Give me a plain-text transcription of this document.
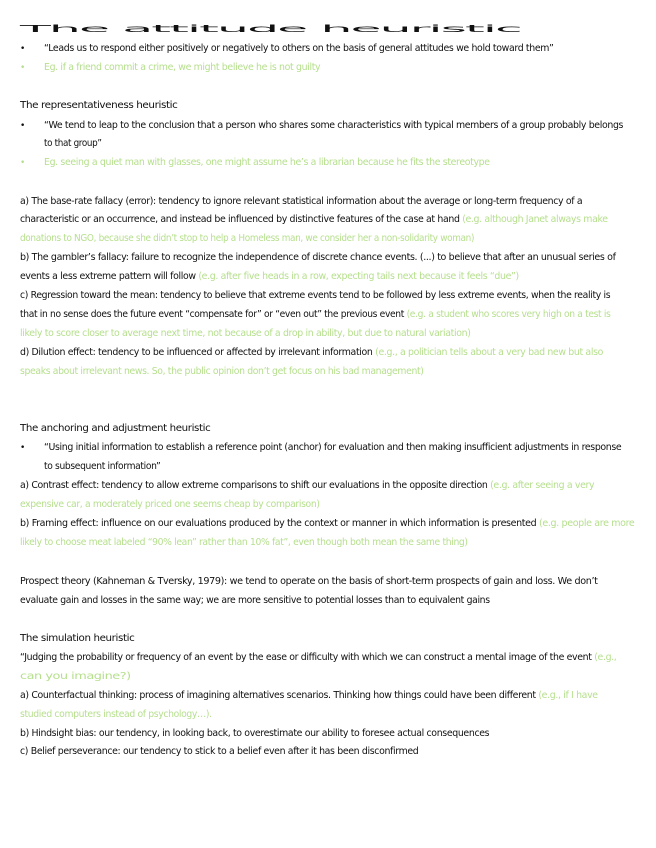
The attitude heuristic
• “Leads us to respond either positively or negatively to others on the basis of general attitudes we hold toward them”
• Eg. if a friend commit a crime, we might believe he is not guilty
The representativeness heuristic
• “We tend to leap to the conclusion that a person who shares some characteristics with typical members of a group probably belongs
to that group”
• Eg. seeing a quiet man with glasses, one might assume he’s a librarian because he fits the stereotype
a) The base-rate fallacy (error): tendency to ignore relevant statistical information about the average or long-term frequency of a
characteristic or an occurrence, and instead be influenced by distinctive features of the case at hand (e.g. although Janet always make
donations to NGO, because she didn’t stop to help a Homeless man, we consider her a non-solidarity woman)
b) The gambler’s fallacy: failure to recognize the independence of discrete chance events. (...) to believe that after an unusual series of
events a less extreme pattern will follow (e.g. after five heads in a row, expecting tails next because it feels “due”)
c) Regression toward the mean: tendency to believe that extreme events tend to be followed by less extreme events, when the reality is
that in no sense does the future event “compensate for” or “even out” the previous event (e.g. a student who scores very high on a test is
likely to score closer to average next time, not because of a drop in ability, but due to natural variation)
d) Dilution effect: tendency to be influenced or affected by irrelevant information (e.g., a politician tells about a very bad new but also
speaks about irrelevant news. So, the public opinion don’t get focus on his bad management)
The anchoring and adjustment heuristic
• “Using initial information to establish a reference point (anchor) for evaluation and then making insufficient adjustments in response
to subsequent information”
a) Contrast effect: tendency to allow extreme comparisons to shift our evaluations in the opposite direction (e.g. after seeing a very
expensive car, a moderately priced one seems cheap by comparison)
b) Framing effect: influence on our evaluations produced by the context or manner in which information is presented (e.g. people are more
likely to choose meat labeled “90% lean” rather than 10% fat”, even though both mean the same thing)
Prospect theory (Kahneman & Tversky, 1979): we tend to operate on the basis of short-term prospects of gain and loss. We don’t
evaluate gain and losses in the same way; we are more sensitive to potential losses than to equivalent gains
The simulation heuristic
“Judging the probability or frequency of an event by the ease or difficulty with which we can construct a mental image of the event (e.g.,
can you imagine?)
a) Counterfactual thinking: process of imagining alternatives scenarios. Thinking how things could have been different (e.g., if I have
studied computers instead of psychology…).
b) Hindsight bias: our tendency, in looking back, to overestimate our ability to foresee actual consequences
c) Belief perseverance: our tendency to stick to a belief even after it has been disconfirmed
